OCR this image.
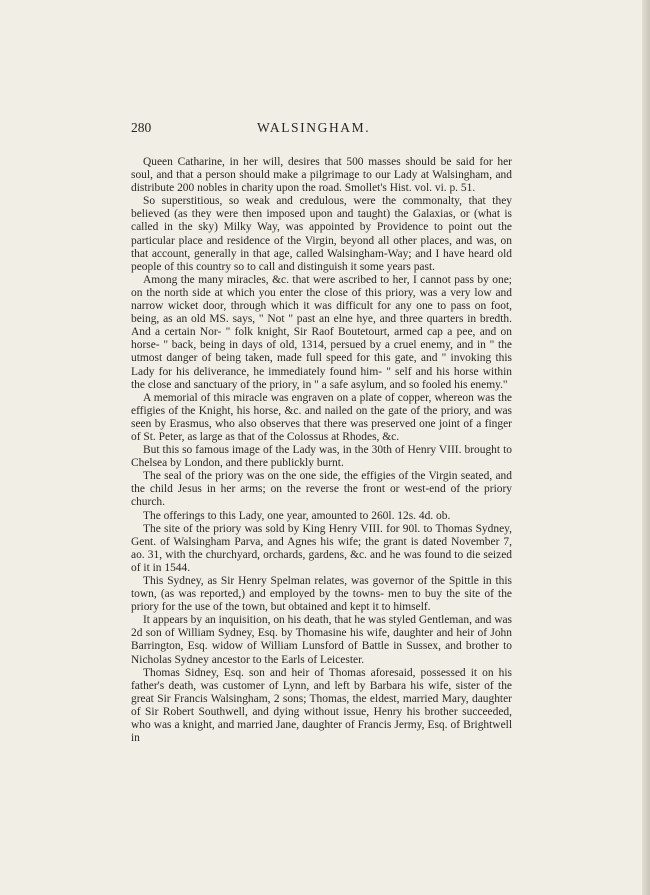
280	WALSINGHAM.

Queen Catharine, in her will, desires that 500 masses should be said for her soul, and that a person should make a pilgrimage to our Lady at Walsingham, and distribute 200 nobles in charity upon the road. Smollet's Hist. vol. vi. p. 51.

So superstitious, so weak and credulous, were the commonalty, that they believed (as they were then imposed upon and taught) the Galaxias, or (what is called in the sky) Milky Way, was appointed by Providence to point out the particular place and residence of the Virgin, beyond all other places, and was, on that account, generally in that age, called Walsingham-Way; and I have heard old people of this country so to call and distinguish it some years past.

Among the many miracles, &c. that were ascribed to her, I cannot pass by one; on the north side at which you enter the close of this priory, was a very low and narrow wicket door, through which it was difficult for any one to pass on foot, being, as an old MS. says, " Not " past an elne hye, and three quarters in bredth. And a certain Nor- " folk knight, Sir Raof Boutetourt, armed cap a pee, and on horse- " back, being in days of old, 1314, persued by a cruel enemy, and in " the utmost danger of being taken, made full speed for this gate, and " invoking this Lady for his deliverance, he immediately found him- " self and his horse within the close and sanctuary of the priory, in " a safe asylum, and so fooled his enemy."

A memorial of this miracle was engraven on a plate of copper, whereon was the effigies of the Knight, his horse, &c. and nailed on the gate of the priory, and was seen by Erasmus, who also observes that there was preserved one joint of a finger of St. Peter, as large as that of the Colossus at Rhodes, &c.

But this so famous image of the Lady was, in the 30th of Henry VIII. brought to Chelsea by London, and there publickly burnt.

The seal of the priory was on the one side, the effigies of the Virgin seated, and the child Jesus in her arms; on the reverse the front or west-end of the priory church.

The offerings to this Lady, one year, amounted to 260l. 12s. 4d. ob.

The site of the priory was sold by King Henry VIII. for 90l. to Thomas Sydney, Gent. of Walsingham Parva, and Agnes his wife; the grant is dated November 7, ao. 31, with the churchyard, orchards, gardens, &c. and he was found to die seized of it in 1544.

This Sydney, as Sir Henry Spelman relates, was governor of the Spittle in this town, (as was reported,) and employed by the towns- men to buy the site of the priory for the use of the town, but obtained and kept it to himself.

It appears by an inquisition, on his death, that he was styled Gentleman, and was 2d son of William Sydney, Esq. by Thomasine his wife, daughter and heir of John Barrington, Esq. widow of William Lunsford of Battle in Sussex, and brother to Nicholas Sydney ancestor to the Earls of Leicester.

Thomas Sidney, Esq. son and heir of Thomas aforesaid, possessed it on his father's death, was customer of Lynn, and left by Barbara his wife, sister of the great Sir Francis Walsingham, 2 sons; Thomas, the eldest, married Mary, daughter of Sir Robert Southwell, and dying without issue, Henry his brother succeeded, who was a knight, and married Jane, daughter of Francis Jermy, Esq. of Brightwell in
